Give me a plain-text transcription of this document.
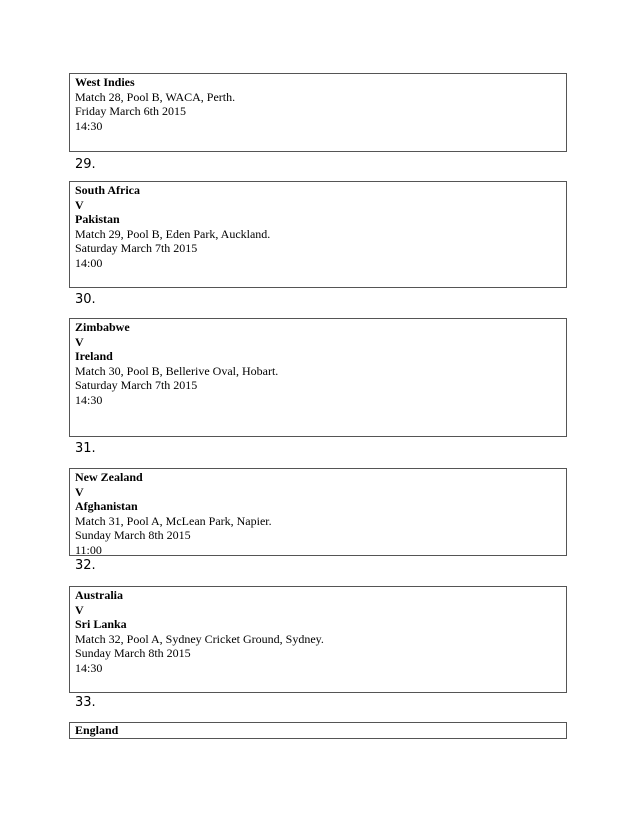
West Indies
Match 28, Pool B, WACA, Perth.
Friday March 6th 2015
14:30
29.
South Africa
V
Pakistan
Match 29, Pool B, Eden Park, Auckland.
Saturday March 7th 2015
14:00
30.
Zimbabwe
V
Ireland
Match 30, Pool B, Bellerive Oval, Hobart.
Saturday March 7th 2015
14:30
31.
New Zealand
V
Afghanistan
Match 31, Pool A, McLean Park, Napier.
Sunday March 8th 2015
11:00
32.
Australia
V
Sri Lanka
Match 32, Pool A, Sydney Cricket Ground, Sydney.
Sunday March 8th 2015
14:30
33.
England
